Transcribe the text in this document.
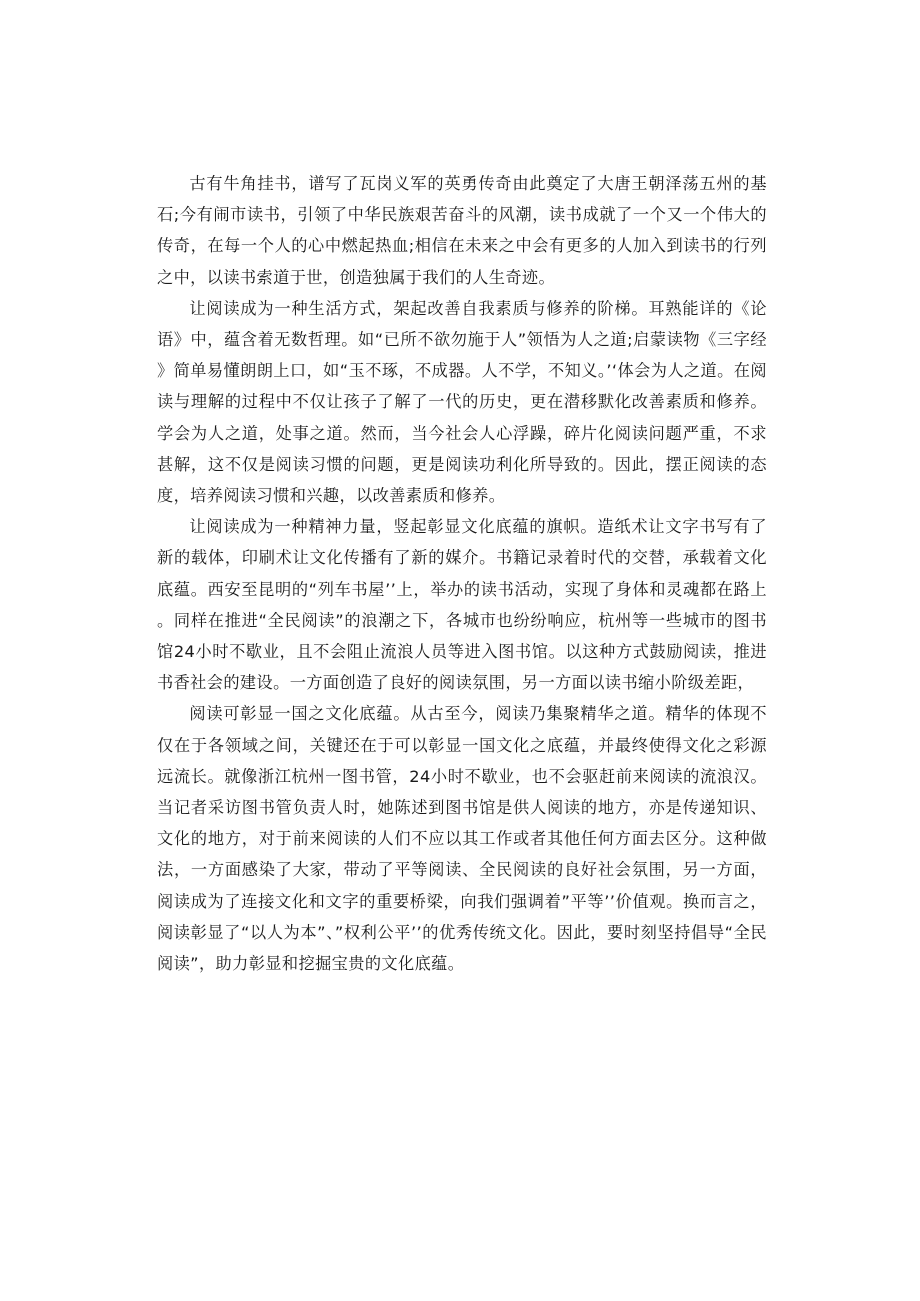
古有牛角挂书，谱写了瓦岗义军的英勇传奇由此奠定了大唐王朝泽荡五州的基石;今有闹市读书，引领了中华民族艰苦奋斗的风潮，读书成就了一个又一个伟大的传奇，在每一个人的心中燃起热血;相信在未来之中会有更多的人加入到读书的行列之中，以读书索道于世，创造独属于我们的人生奇迹。

让阅读成为一种生活方式，架起改善自我素质与修养的阶梯。耳熟能详的《论语》中，蕴含着无数哲理。如“已所不欲勿施于人”领悟为人之道;启蒙读物《三字经》简单易懂朗朗上口，如“玉不琢，不成器。人不学，不知义。’‘体会为人之道。在阅读与理解的过程中不仅让孩子了解了一代的历史，更在潜移默化改善素质和修养。学会为人之道，处事之道。然而，当今社会人心浮躁，碎片化阅读问题严重，不求甚解，这不仅是阅读习惯的问题，更是阅读功利化所导致的。因此，摆正阅读的态度，培养阅读习惯和兴趣，以改善素质和修养。

让阅读成为一种精神力量，竖起彰显文化底蕴的旗帜。造纸术让文字书写有了新的载体，印刷术让文化传播有了新的媒介。书籍记录着时代的交替，承载着文化底蕴。西安至昆明的“列车书屋’’上，举办的读书活动，实现了身体和灵魂都在路上。同样在推进“全民阅读”的浪潮之下，各城市也纷纷响应，杭州等一些城市的图书馆24小时不歇业，且不会阻止流浪人员等进入图书馆。以这种方式鼓励阅读，推进书香社会的建设。一方面创造了良好的阅读氛围，另一方面以读书缩小阶级差距，

阅读可彰显一国之文化底蕴。从古至今，阅读乃集聚精华之道。精华的体现不仅在于各领域之间，关键还在于可以彰显一国文化之底蕴，并最终使得文化之彩源远流长。就像浙江杭州一图书管，24小时不歇业，也不会驱赶前来阅读的流浪汉。当记者采访图书管负责人时，她陈述到图书馆是供人阅读的地方，亦是传递知识、文化的地方，对于前来阅读的人们不应以其工作或者其他任何方面去区分。这种做法，一方面感染了大家，带动了平等阅读、全民阅读的良好社会氛围，另一方面，阅读成为了连接文化和文字的重要桥梁，向我们强调着”平等’’价值观。换而言之，阅读彰显了“以人为本”、”权利公平’’的优秀传统文化。因此，要时刻坚持倡导“全民阅读”，助力彰显和挖掘宝贵的文化底蕴。
